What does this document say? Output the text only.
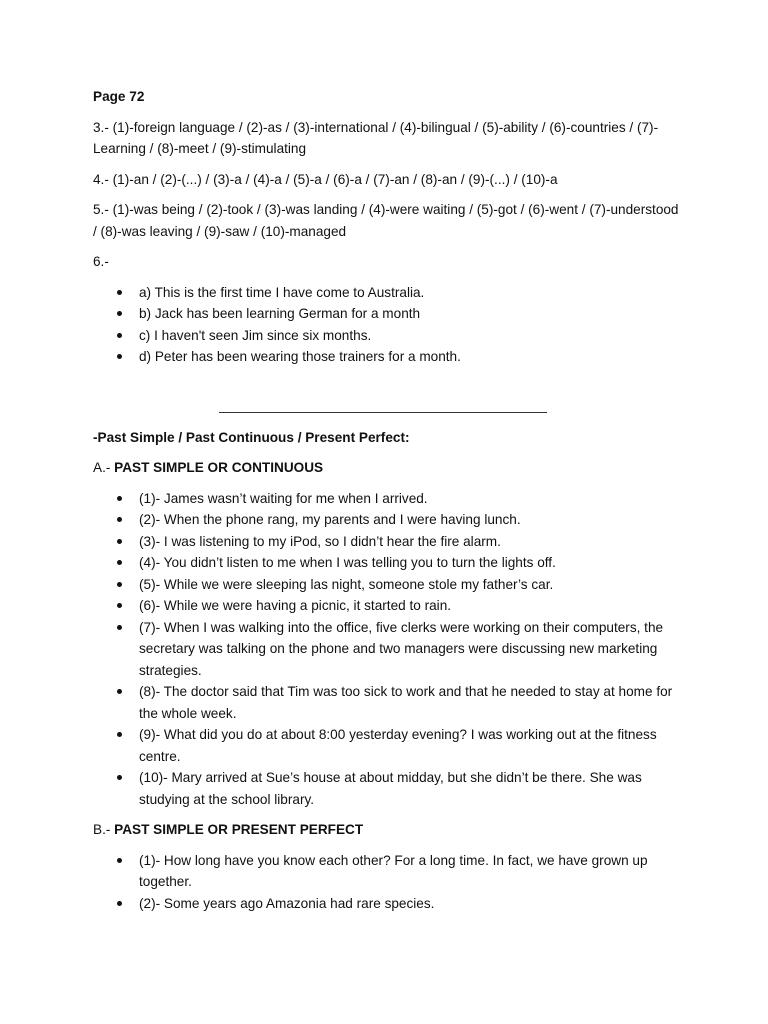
Page 72

3.- (1)-foreign language / (2)-as / (3)-international / (4)-bilingual / (5)-ability / (6)-countries / (7)-Learning / (8)-meet / (9)-stimulating

4.- (1)-an / (2)-(...) / (3)-a / (4)-a / (5)-a / (6)-a / (7)-an / (8)-an / (9)-(...) / (10)-a

5.- (1)-was being / (2)-took / (3)-was landing / (4)-were waiting / (5)-got / (6)-went / (7)-understood / (8)-was leaving / (9)-saw / (10)-managed

6.-

a) This is the first time I have come to Australia.
b) Jack has been learning German for a month
c) I haven't seen Jim since six months.
d) Peter has been wearing those trainers for a month.

-Past Simple / Past Continuous / Present Perfect:

A.- PAST SIMPLE OR CONTINUOUS

(1)- James wasn’t waiting for me when I arrived.
(2)- When the phone rang, my parents and I were having lunch.
(3)- I was listening to my iPod, so I didn’t hear the fire alarm.
(4)- You didn’t listen to me when I was telling you to turn the lights off.
(5)- While we were sleeping las night, someone stole my father’s car.
(6)- While we were having a picnic, it started to rain.
(7)- When I was walking into the office, five clerks were working on their computers, the secretary was talking on the phone and two managers were discussing new marketing strategies.
(8)- The doctor said that Tim was too sick to work and that he needed to stay at home for the whole week.
(9)- What did you do at about 8:00 yesterday evening? I was working out at the fitness centre.
(10)- Mary arrived at Sue’s house at about midday, but she didn’t be there. She was studying at the school library.

B.- PAST SIMPLE OR PRESENT PERFECT

(1)- How long have you know each other? For a long time. In fact, we have grown up together.
(2)- Some years ago Amazonia had rare species.
